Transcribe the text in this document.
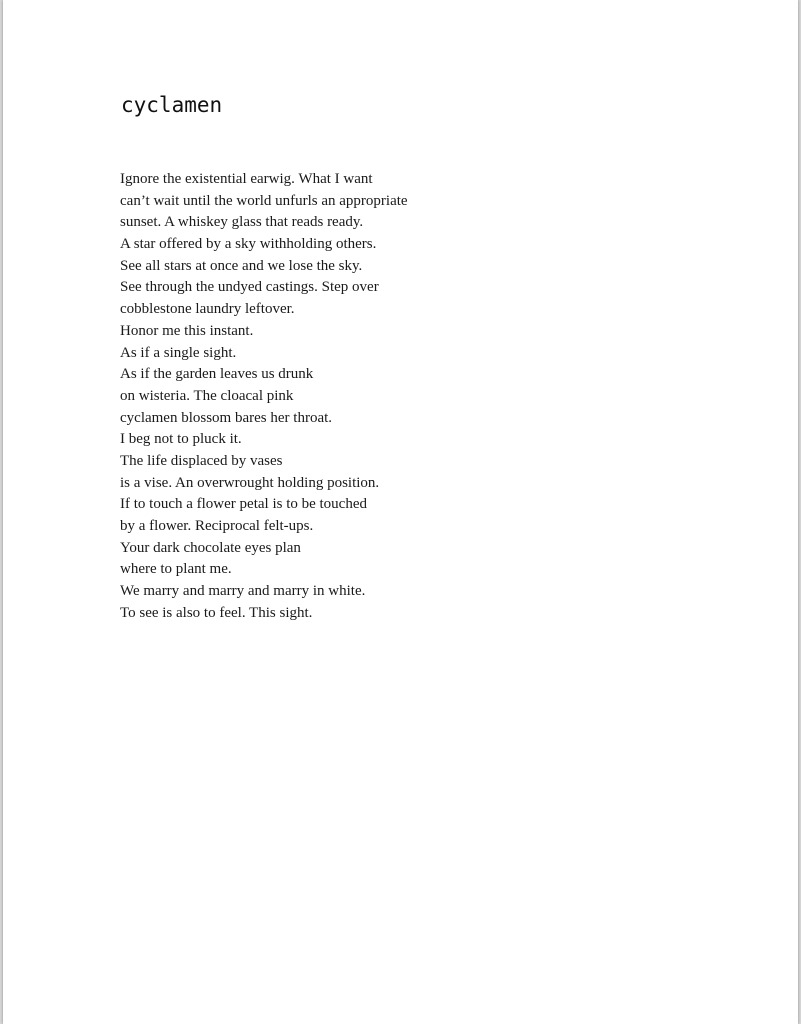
cyclamen
Ignore the existential earwig. What I want
can’t wait until the world unfurls an appropriate
sunset. A whiskey glass that reads ready.
A star offered by a sky withholding others.
See all stars at once and we lose the sky.
See through the undyed castings. Step over
cobblestone laundry leftover.
Honor me this instant.
As if a single sight.
As if the garden leaves us drunk
on wisteria. The cloacal pink
cyclamen blossom bares her throat.
I beg not to pluck it.
The life displaced by vases
is a vise. An overwrought holding position.
If to touch a flower petal is to be touched
by a flower. Reciprocal felt-ups.
Your dark chocolate eyes plan
where to plant me.
We marry and marry and marry in white.
To see is also to feel. This sight.
